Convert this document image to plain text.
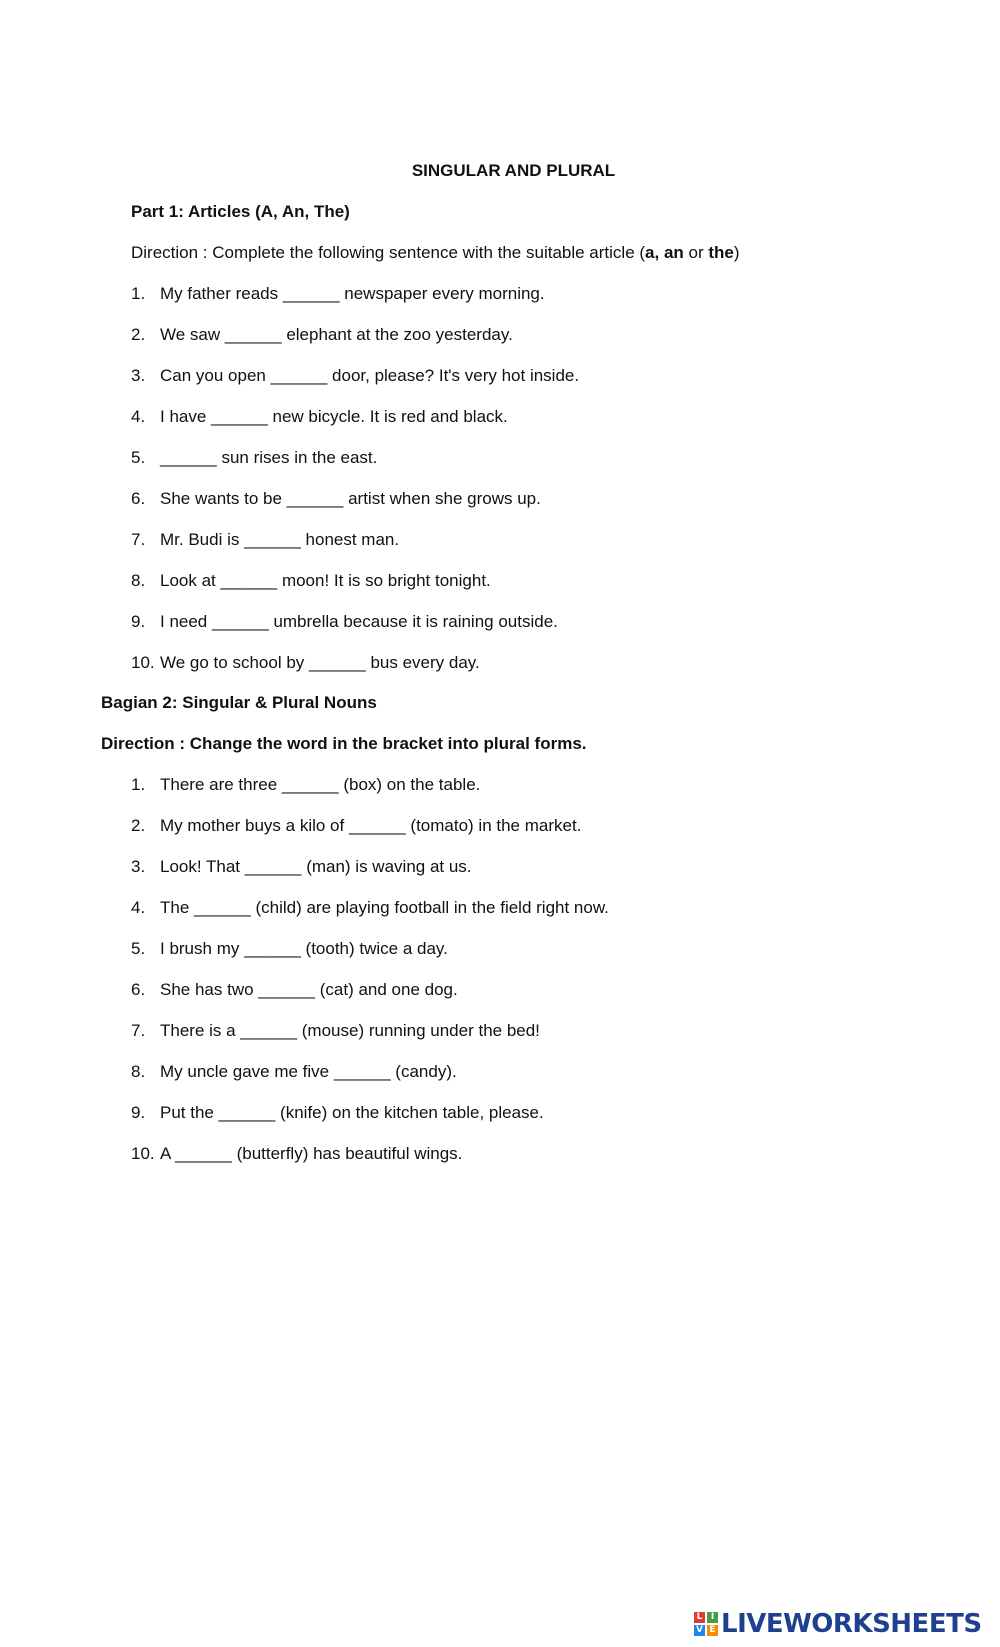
SINGULAR AND PLURAL
Part 1: Articles (A, An, The)
Direction : Complete the following sentence with the suitable article (a, an or the)
1. My father reads ______ newspaper every morning.
2. We saw ______ elephant at the zoo yesterday.
3. Can you open ______ door, please? It's very hot inside.
4. I have ______ new bicycle. It is red and black.
5. ______ sun rises in the east.
6. She wants to be ______ artist when she grows up.
7. Mr. Budi is ______ honest man.
8. Look at ______ moon! It is so bright tonight.
9. I need ______ umbrella because it is raining outside.
10. We go to school by ______ bus every day.
Bagian 2: Singular & Plural Nouns
Direction : Change the word in the bracket into plural forms.
1. There are three ______ (box) on the table.
2. My mother buys a kilo of ______ (tomato) in the market.
3. Look! That ______ (man) is waving at us.
4. The ______ (child) are playing football in the field right now.
5. I brush my ______ (tooth) twice a day.
6. She has two ______ (cat) and one dog.
7. There is a ______ (mouse) running under the bed!
8. My uncle gave me five ______ (candy).
9. Put the ______ (knife) on the kitchen table, please.
10. A ______ (butterfly) has beautiful wings.
L I
V E LIVEWORKSHEETS
